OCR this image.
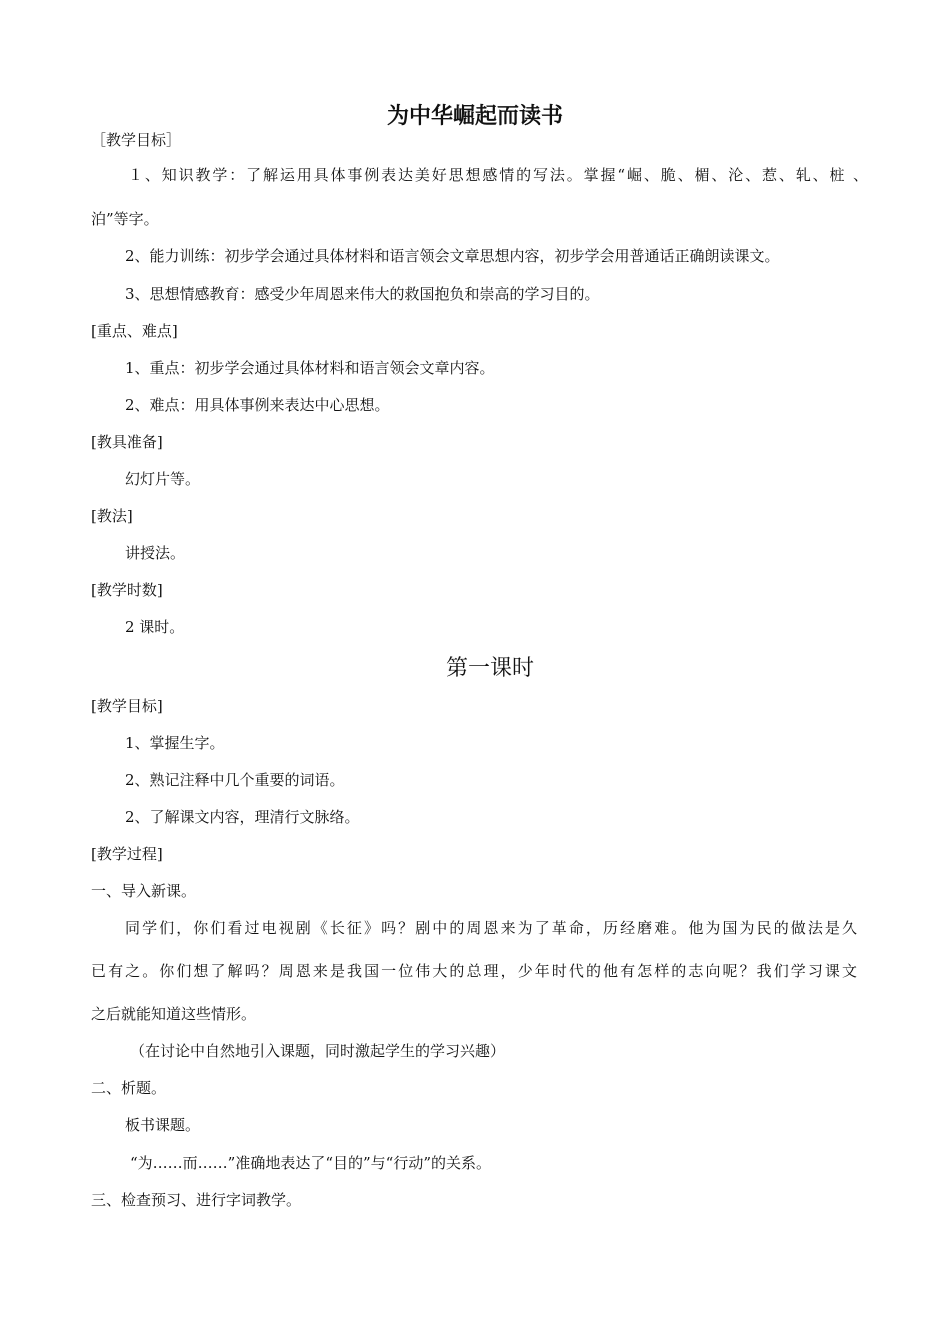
为中华崛起而读书
［教学目标］
１、知识教学：了解运用具体事例表达美好思想感情的写法。掌握“崛、脆、楣、沦、惹、轧、桩 、
泊”等字。
2、能力训练：初步学会通过具体材料和语言领会文章思想内容，初步学会用普通话正确朗读课文。
3、思想情感教育：感受少年周恩来伟大的救国抱负和崇高的学习目的。
[重点、难点]
1、重点：初步学会通过具体材料和语言领会文章内容。
2、难点：用具体事例来表达中心思想。
[教具准备]
幻灯片等。
[教法]
讲授法。
[教学时数]
2 课时。
第一课时
[教学目标]
1、掌握生字。
2、熟记注释中几个重要的词语。
2、了解课文内容，理清行文脉络。
[教学过程]
一、导入新课。
同学们，你们看过电视剧《长征》吗？剧中的周恩来为了革命，历经磨难。他为国为民的做法是久
已有之。你们想了解吗？周恩来是我国一位伟大的总理，少年时代的他有怎样的志向呢？我们学习课文
之后就能知道这些情形。
（在讨论中自然地引入课题，同时激起学生的学习兴趣）
二、析题。
板书课题。
“为……而……”准确地表达了“目的”与“行动”的关系。
三、检查预习、进行字词教学。
